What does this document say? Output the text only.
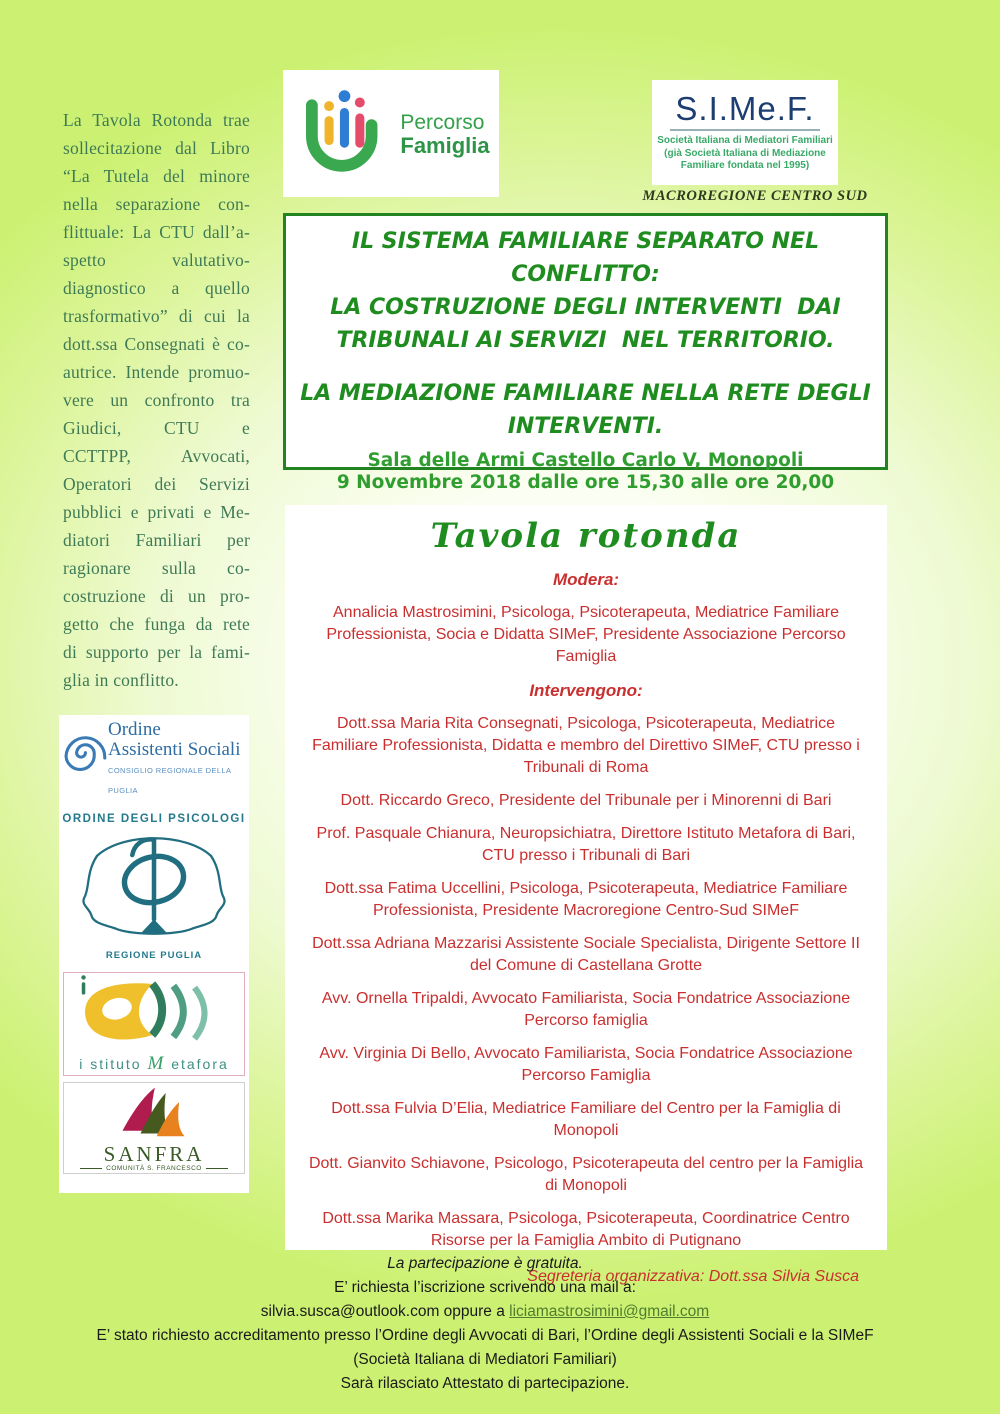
La Tavola Rotonda trae
sollecitazione dal Libro
“La Tutela del minore
nella separazione con-
flittuale: La CTU dall’a-
spetto valutativo-
diagnostico a quello
trasformativo” di cui la
dott.ssa Consegnati è co-
autrice. Intende promuo-
vere un confronto tra
Giudici, CTU e
CCTTPP, Avvocati,
Operatori dei Servizi
pubblici e privati e Me-
diatori Familiari per
ragionare sulla co-
costruzione di un pro-
getto che funga da rete
di supporto per la fami-
glia in conflitto.
Percorso
Famiglia
S.I.Me.F.
Società Italiana di Mediatori Familiari
(già Società Italiana di Mediazione
Familiare fondata nel 1995)
MACROREGIONE CENTRO SUD
IL SISTEMA FAMILIARE SEPARATO NEL CONFLITTO:
LA COSTRUZIONE DEGLI INTERVENTI  DAI
TRIBUNALI AI SERVIZI  NEL TERRITORIO.
LA MEDIAZIONE FAMILIARE NELLA RETE DEGLI
INTERVENTI.
Sala delle Armi Castello Carlo V, Monopoli
9 Novembre 2018 dalle ore 15,30 alle ore 20,00
Tavola rotonda
Modera:

Annalicia Mastrosimini, Psicologa, Psicoterapeuta, Mediatrice Familiare Professionista, Socia e Didatta SIMeF, Presidente Associazione Percorso Famiglia

Intervengono:

Dott.ssa Maria Rita Consegnati, Psicologa, Psicoterapeuta, Mediatrice Familiare Professionista, Didatta e membro del Direttivo SIMeF, CTU presso i Tribunali di Roma

Dott. Riccardo Greco, Presidente del Tribunale per i Minorenni di Bari

Prof. Pasquale Chianura, Neuropsichiatra, Direttore Istituto Metafora di Bari, CTU presso i Tribunali di Bari

Dott.ssa Fatima Uccellini, Psicologa, Psicoterapeuta, Mediatrice Familiare Professionista, Presidente Macroregione Centro-Sud SIMeF

Dott.ssa Adriana Mazzarisi Assistente Sociale Specialista, Dirigente Settore II del Comune di Castellana Grotte

Avv. Ornella Tripaldi, Avvocato Familiarista, Socia Fondatrice Associazione Percorso famiglia

Avv. Virginia Di Bello, Avvocato Familiarista, Socia Fondatrice Associazione Percorso Famiglia

Dott.ssa Fulvia D’Elia, Mediatrice Familiare del Centro per la Famiglia di Monopoli

Dott. Gianvito Schiavone, Psicologo, Psicoterapeuta del centro per la Famiglia di Monopoli

Dott.ssa Marika Massara, Psicologa, Psicoterapeuta, Coordinatrice Centro Risorse per la Famiglia Ambito di Putignano

Segreteria organizzativa: Dott.ssa Silvia Susca
Ordine
Assistenti Sociali
CONSIGLIO REGIONALE DELLA PUGLIA
ORDINE DEGLI PSICOLOGI
REGIONE PUGLIA
i stituto M etafora
SANFRA
COMUNITÀ S. FRANCESCO
La partecipazione è gratuita.
E’ richiesta l’iscrizione scrivendo una mail a:
silvia.susca@outlook.com oppure a liciamastrosimini@gmail.com
E’ stato richiesto accreditamento presso l’Ordine degli Avvocati di Bari, l’Ordine degli Assistenti Sociali e la SIMeF
(Società Italiana di Mediatori Familiari)
Sarà rilasciato Attestato di partecipazione.
